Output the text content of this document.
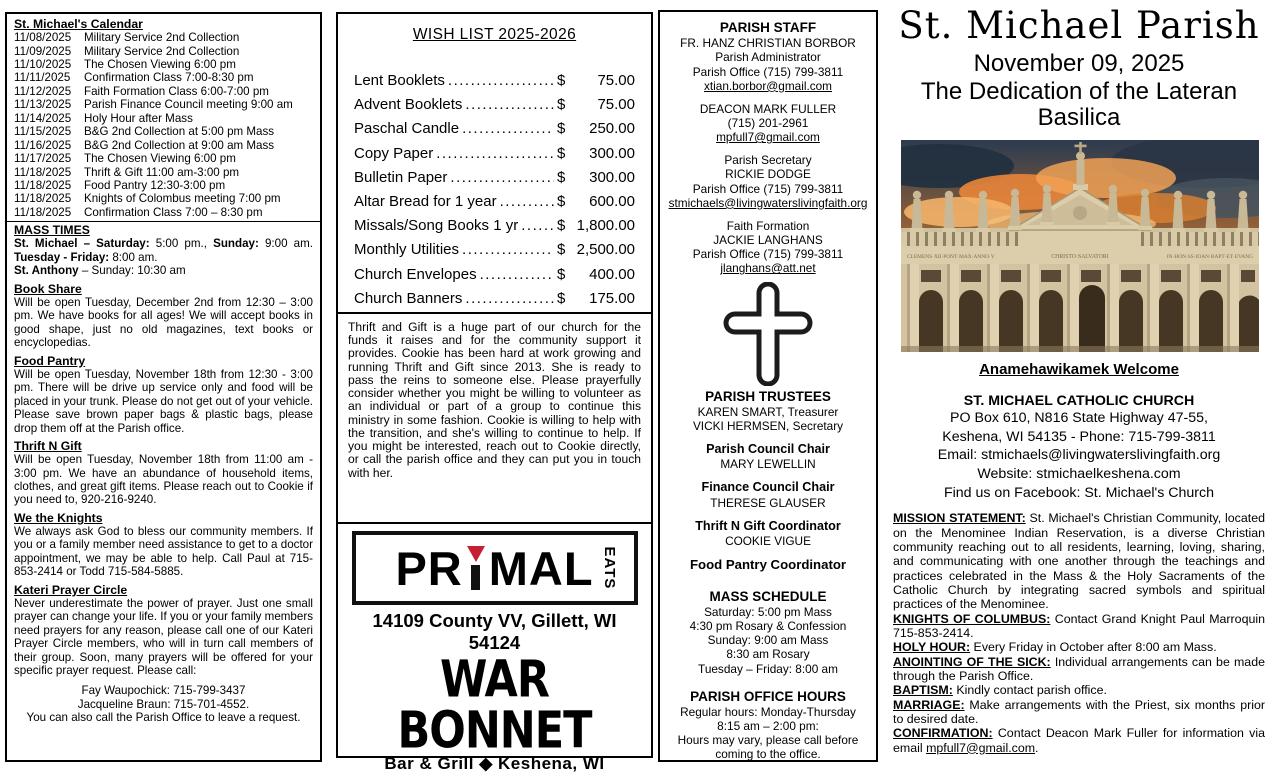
St. Michael's Calendar
11/08/2025	Military Service 2nd Collection
11/09/2025	Military Service 2nd Collection
11/10/2025	The Chosen Viewing 6:00 pm
11/11/2025	Confirmation Class 7:00-8:30 pm
11/12/2025	Faith Formation Class 6:00-7:00 pm
11/13/2025	Parish Finance Council meeting 9:00 am
11/14/2025	Holy Hour after Mass
11/15/2025	B&G 2nd Collection at 5:00 pm Mass
11/16/2025	B&G 2nd Collection at 9:00 am Mass
11/17/2025	The Chosen Viewing 6:00 pm
11/18/2025	Thrift & Gift 11:00 am-3:00 pm
11/18/2025	Food Pantry 12:30-3:00 pm
11/18/2025	Knights of Colombus meeting 7:00 pm
11/18/2025	Confirmation Class 7:00 – 8:30 pm
MASS TIMES

St. Michael – Saturday: 5:00 pm., Sunday: 9:00 am. Tuesday - Friday: 8:00 am.

St. Anthony – Sunday: 10:30 am

Book Share

Will be open Tuesday, December 2nd from 12:30 – 3:00 pm. We have books for all ages! We will accept books in good shape, just no old magazines, text books or encyclopedias.

Food Pantry

Will be open Tuesday, November 18th from 12:30 - 3:00 pm. There will be drive up service only and food will be placed in your trunk. Please do not get out of your vehicle. Please save brown paper bags & plastic bags, please drop them off at the Parish office.

Thrift N Gift

Will be open Tuesday, November 18th from 11:00 am - 3:00 pm. We have an abundance of household items, clothes, and great gift items. Please reach out to Cookie if you need to, 920-216-9240.

We the Knights

We always ask God to bless our community members. If you or a family member need assistance to get to a doctor appointment, we may be able to help. Call Paul at 715-853-2414 or Todd 715-584-5885.

Kateri Prayer Circle

Never underestimate the power of prayer. Just one small prayer can change your life. If you or your family members need prayers for any reason, please call one of our Kateri Prayer Circle members, who will in turn call members of their group. Soon, many prayers will be offered for your specific prayer request. Please call:

Fay Waupochick: 715-799-3437

Jacqueline Braun: 715-701-4552.

You can also call the Parish Office to leave a request.

WISH LIST 2025-2026
Lent Booklets .....	$	75.00
Advent Booklets .....	$	75.00
Paschal Candle .....	$	250.00
Copy Paper .....	$	300.00
Bulletin Paper .....	$	300.00
Altar Bread for 1 year .....	$	600.00
Missals/Song Books 1 yr .....	$ 1,800.00
Monthly Utilities .....	$ 2,500.00
Church Envelopes .....	$	400.00
Church Banners .....	$	175.00
Thrift and Gift is a huge part of our church for the funds it raises and for the community support it provides. Cookie has been hard at work growing and running Thrift and Gift since 2013. She is ready to pass the reins to someone else. Please prayerfully consider whether you might be willing to volunteer as an individual or part of a group to continue this ministry in some fashion. Cookie is willing to help with the transition, and she's willing to continue to help. If you might be interested, reach out to Cookie directly, or call the parish office and they can put you in touch with her.
PR MAL EATS
14109 County VV, Gillett, WI 54124
WAR BONNET
Bar & Grill ◆ Keshena, WI
PARISH STAFF
FR. HANZ CHRISTIAN BORBOR
Parish Administrator
Parish Office (715) 799-3811
xtian.borbor@gmail.com
DEACON MARK FULLER
(715) 201-2961
mpfull7@gmail.com
Parish Secretary
RICKIE DODGE
Parish Office (715) 799-3811
stmichaels@livingwaterslivingfaith.org
Faith Formation
JACKIE LANGHANS
Parish Office (715) 799-3811
jlanghans@att.net
PARISH TRUSTEES
KAREN SMART, Treasurer
VICKI HERMSEN, Secretary
Parish Council Chair
MARY LEWELLIN
Finance Council Chair
THERESE GLAUSER
Thrift N Gift Coordinator
COOKIE VIGUE
Food Pantry Coordinator
MASS SCHEDULE
Saturday: 5:00 pm Mass
4:30 pm Rosary & Confession
Sunday: 9:00 am Mass
8:30 am Rosary
Tuesday – Friday: 8:00 am
PARISH OFFICE HOURS
Regular hours: Monday-Thursday
8:15 am – 2:00 pm:
Hours may vary, please call before
coming to the office.
St. Michael Parish
November 09, 2025
The Dedication of the Lateran Basilica
CLEMENS·XII·PONT·MAX·ANNO·V	CHRISTO·SALVATORI	IN·HON·SS·IOAN·BAPT·ET·EVANG
Anamehawikamek Welcome
ST. MICHAEL CATHOLIC CHURCH
PO Box 610, N816 State Highway 47-55,
Keshena, WI 54135 - Phone: 715-799-3811
Email: stmichaels@livingwaterslivingfaith.org
Website: stmichaelkeshena.com
Find us on Facebook: St. Michael's Church
MISSION STATEMENT: St. Michael's Christian Community, located on the Menominee Indian Reservation, is a diverse Christian community reaching out to all residents, learning, loving, sharing, and communicating with one another through the teachings and practices celebrated in the Mass & the Holy Sacraments of the Catholic Church by integrating sacred symbols and spiritual practices of the Menominee.
KNIGHTS OF COLUMBUS: Contact Grand Knight Paul Marroquin 715-853-2414.
HOLY HOUR: Every Friday in October after 8:00 am Mass.
ANOINTING OF THE SICK: Individual arrangements can be made through the Parish Office.
BAPTISM: Kindly contact parish office.
MARRIAGE: Make arrangements with the Priest, six months prior to desired date.
CONFIRMATION: Contact Deacon Mark Fuller for information via email mpfull7@gmail.com.
